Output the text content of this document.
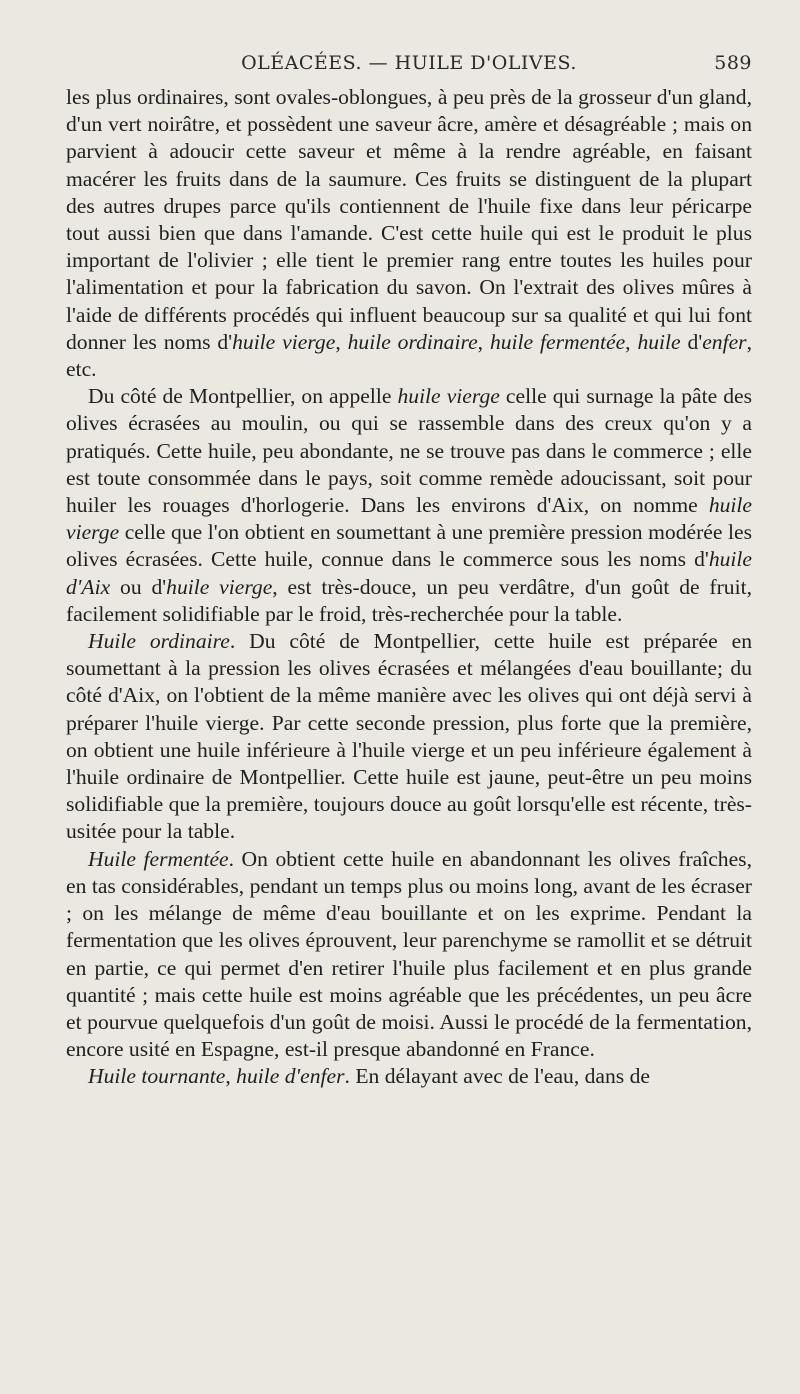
OLÉACÉES. — HUILE D'OLIVES.	589

les plus ordinaires, sont ovales-oblongues, à peu près de la grosseur d'un gland, d'un vert noirâtre, et possèdent une saveur âcre, amère et désagréable ; mais on parvient à adoucir cette saveur et même à la rendre agréable, en faisant macérer les fruits dans de la saumure. Ces fruits se distinguent de la plupart des autres drupes parce qu'ils contiennent de l'huile fixe dans leur péricarpe tout aussi bien que dans l'amande. C'est cette huile qui est le produit le plus important de l'olivier ; elle tient le premier rang entre toutes les huiles pour l'alimentation et pour la fabrication du savon. On l'extrait des olives mûres à l'aide de différents procédés qui influent beaucoup sur sa qualité et qui lui font donner les noms d'huile vierge, huile ordinaire, huile fermentée, huile d'enfer, etc.

Du côté de Montpellier, on appelle huile vierge celle qui surnage la pâte des olives écrasées au moulin, ou qui se rassemble dans des creux qu'on y a pratiqués. Cette huile, peu abondante, ne se trouve pas dans le commerce ; elle est toute consommée dans le pays, soit comme remède adoucissant, soit pour huiler les rouages d'horlogerie. Dans les environs d'Aix, on nomme huile vierge celle que l'on obtient en soumettant à une première pression modérée les olives écrasées. Cette huile, connue dans le commerce sous les noms d'huile d'Aix ou d'huile vierge, est très-douce, un peu verdâtre, d'un goût de fruit, facilement solidifiable par le froid, très-recherchée pour la table.

Huile ordinaire. Du côté de Montpellier, cette huile est préparée en soumettant à la pression les olives écrasées et mélangées d'eau bouillante; du côté d'Aix, on l'obtient de la même manière avec les olives qui ont déjà servi à préparer l'huile vierge. Par cette seconde pression, plus forte que la première, on obtient une huile inférieure à l'huile vierge et un peu inférieure également à l'huile ordinaire de Montpellier. Cette huile est jaune, peut-être un peu moins solidifiable que la première, toujours douce au goût lorsqu'elle est récente, très-usitée pour la table.

Huile fermentée. On obtient cette huile en abandonnant les olives fraîches, en tas considérables, pendant un temps plus ou moins long, avant de les écraser ; on les mélange de même d'eau bouillante et on les exprime. Pendant la fermentation que les olives éprouvent, leur parenchyme se ramollit et se détruit en partie, ce qui permet d'en retirer l'huile plus facilement et en plus grande quantité ; mais cette huile est moins agréable que les précédentes, un peu âcre et pourvue quelquefois d'un goût de moisi. Aussi le procédé de la fermentation, encore usité en Espagne, est-il presque abandonné en France.

Huile tournante, huile d'enfer. En délayant avec de l'eau, dans de
